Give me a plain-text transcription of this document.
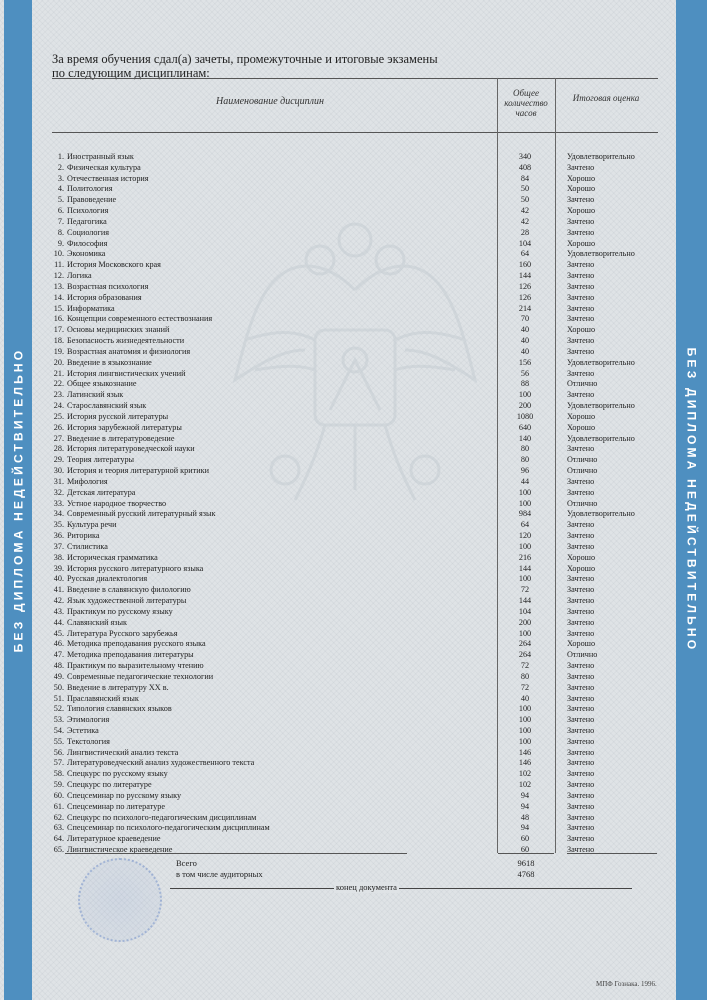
БЕЗ ДИПЛОМА НЕДЕЙСТВИТЕЛЬНО	БЕЗ ДИПЛОМА НЕДЕЙСТВИТЕЛЬНО
За время обучения сдал(а) зачеты, промежуточные и итоговые экзамены
по следующим дисциплинам:
Наименование дисциплин
Общее количество часов
Итоговая оценка
1. Иностранный язык	340	Удовлетворительно
2. Физическая культура	408	Зачтено
3. Отечественная история	84	Хорошо
4. Политология	50	Хорошо
5. Правоведение	50	Зачтено
6. Психология	42	Хорошо
7. Педагогика	42	Зачтено
8. Социология	28	Зачтено
9. Философия	104	Хорошо
10. Экономика	64	Удовлетворительно
11. История Московского края	160	Зачтено
12. Логика	144	Зачтено
13. Возрастная психология	126	Зачтено
14. История образования	126	Зачтено
15. Информатика	214	Зачтено
16. Концепции современного естествознания	70	Зачтено
17. Основы медицинских знаний	40	Хорошо
18. Безопасность жизнедеятельности	40	Зачтено
19. Возрастная анатомия и физиология	40	Зачтено
20. Введение в языкознание	156	Удовлетворительно
21. История лингвистических учений	56	Зачтено
22. Общее языкознание	88	Отлично
23. Латинский язык	100	Зачтено
24. Старославянский язык	200	Удовлетворительно
25. История русской литературы	1080	Хорошо
26. История зарубежной литературы	640	Хорошо
27. Введение в литературоведение	140	Удовлетворительно
28. История литературоведческой науки	80	Зачтено
29. Теория литературы	80	Отлично
30. История и теория литературной критики	96	Отлично
31. Мифология	44	Зачтено
32. Детская литература	100	Зачтено
33. Устное народное творчество	100	Отлично
34. Современный русский литературный язык	984	Удовлетворительно
35. Культура речи	64	Зачтено
36. Риторика	120	Зачтено
37. Стилистика	100	Зачтено
38. Историческая грамматика	216	Хорошо
39. История русского литературного языка	144	Хорошо
40. Русская диалектология	100	Зачтено
41. Введение в славянскую филологию	72	Зачтено
42. Язык художественной литературы	144	Зачтено
43. Практикум по русскому языку	104	Зачтено
44. Славянский язык	200	Зачтено
45. Литература Русского зарубежья	100	Зачтено
46. Методика преподавания русского языка	264	Хорошо
47. Методика преподавания литературы	264	Отлично
48. Практикум по выразительному чтению	72	Зачтено
49. Современные педагогические технологии	80	Зачтено
50. Введение в литературу XX в.	72	Зачтено
51. Праславянский язык	40	Зачтено
52. Типология славянских языков	100	Зачтено
53. Этимология	100	Зачтено
54. Эстетика	100	Зачтено
55. Текстология	100	Зачтено
56. Лингвистический анализ текста	146	Зачтено
57. Литературоведческий анализ художественного текста	146	Зачтено
58. Спецкурс по русскому языку	102	Зачтено
59. Спецкурс по литературе	102	Зачтено
60. Спецсеминар по русскому языку	94	Зачтено
61. Спецсеминар по литературе	94	Зачтено
62. Спецкурс по психолого-педагогическим дисциплинам	48	Зачтено
63. Спецсеминар по психолого-педагогическим дисциплинам	94	Зачтено
64. Литературное краеведение	60	Зачтено
65. Лингвистическое краеведение	60	Зачтено
Всего	9618
в том числе аудиторных	4768
конец документа
МПФ Гознака. 1996.
